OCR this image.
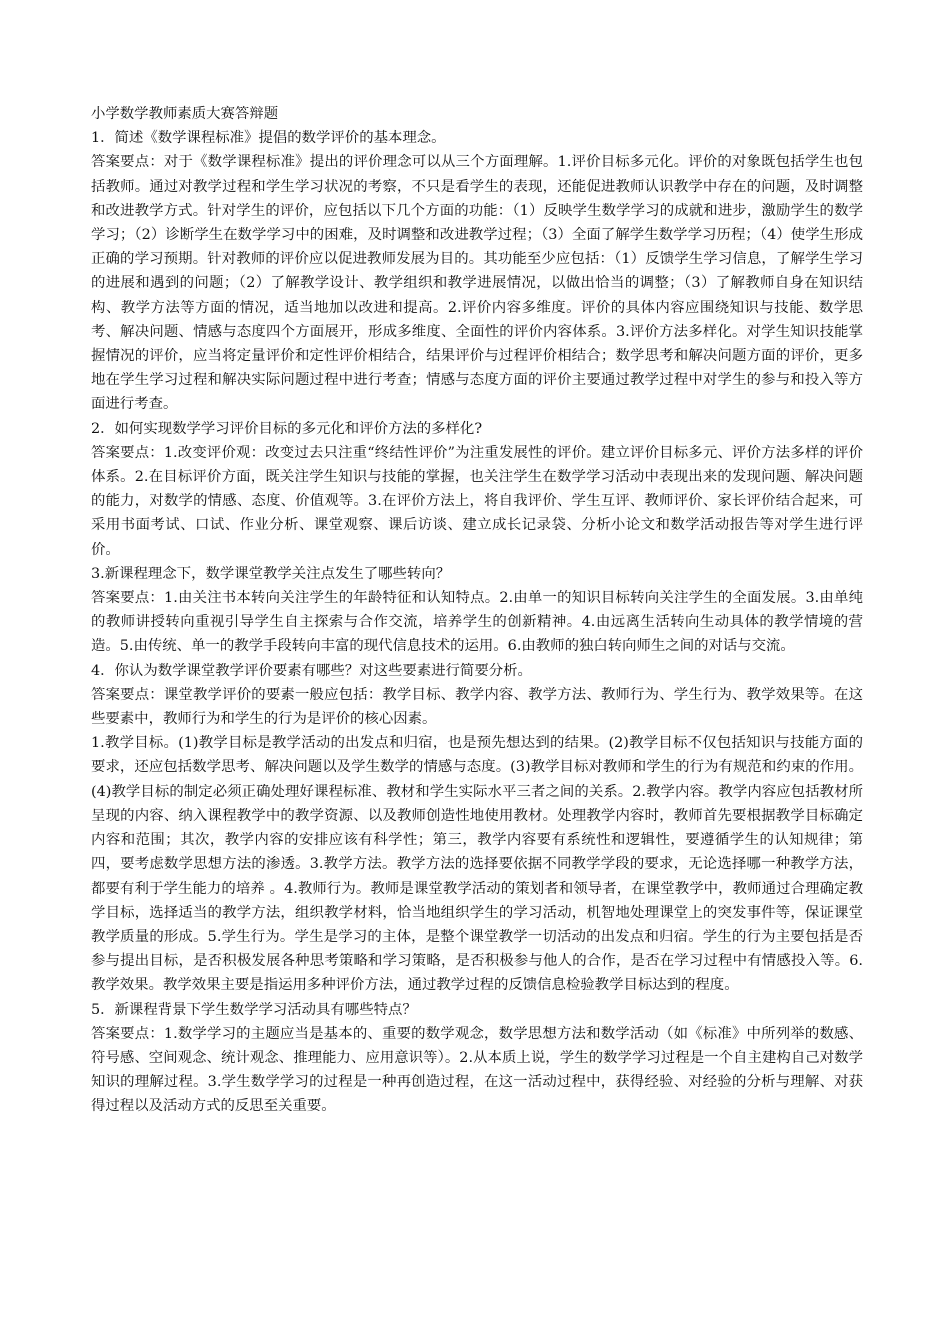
小学数学教师素质大赛答辩题

1．简述《数学课程标准》提倡的数学评价的基本理念。

答案要点：对于《数学课程标准》提出的评价理念可以从三个方面理解。1.评价目标多元化。评价的对象既包括学生也包括教师。通过对教学过程和学生学习状况的考察，不只是看学生的表现，还能促进教师认识教学中存在的问题，及时调整和改进教学方式。针对学生的评价，应包括以下几个方面的功能：（1）反映学生数学学习的成就和进步，激励学生的数学学习；（2）诊断学生在数学学习中的困难，及时调整和改进教学过程；（3）全面了解学生数学学习历程；（4）使学生形成正确的学习预期。针对教师的评价应以促进教师发展为目的。其功能至少应包括：（1）反馈学生学习信息，了解学生学习的进展和遇到的问题；（2）了解教学设计、教学组织和教学进展情况，以做出恰当的调整；（3）了解教师自身在知识结构、教学方法等方面的情况，适当地加以改进和提高。2.评价内容多维度。评价的具体内容应围绕知识与技能、数学思考、解决问题、情感与态度四个方面展开，形成多维度、全面性的评价内容体系。3.评价方法多样化。对学生知识技能掌握情况的评价，应当将定量评价和定性评价相结合，结果评价与过程评价相结合；数学思考和解决问题方面的评价，更多地在学生学习过程和解决实际问题过程中进行考查；情感与态度方面的评价主要通过教学过程中对学生的参与和投入等方面进行考查。

2．如何实现数学学习评价目标的多元化和评价方法的多样化?

答案要点：1.改变评价观：改变过去只注重“终结性评价”为注重发展性的评价。建立评价目标多元、评价方法多样的评价体系。2.在目标评价方面，既关注学生知识与技能的掌握，也关注学生在数学学习活动中表现出来的发现问题、解决问题的能力，对数学的情感、态度、价值观等。3.在评价方法上，将自我评价、学生互评、教师评价、家长评价结合起来，可采用书面考试、口试、作业分析、课堂观察、课后访谈、建立成长记录袋、分析小论文和数学活动报告等对学生进行评价。

3.新课程理念下，数学课堂教学关注点发生了哪些转向？

答案要点：1.由关注书本转向关注学生的年龄特征和认知特点。2.由单一的知识目标转向关注学生的全面发展。3.由单纯的教师讲授转向重视引导学生自主探索与合作交流，培养学生的创新精神。4.由远离生活转向生动具体的教学情境的营造。5.由传统、单一的教学手段转向丰富的现代信息技术的运用。6.由教师的独白转向师生之间的对话与交流。

4．你认为数学课堂教学评价要素有哪些？对这些要素进行简要分析。

答案要点：课堂教学评价的要素一般应包括：教学目标、教学内容、教学方法、教师行为、学生行为、教学效果等。在这些要素中，教师行为和学生的行为是评价的核心因素。

1.教学目标。(1)教学目标是教学活动的出发点和归宿，也是预先想达到的结果。(2)教学目标不仅包括知识与技能方面的要求，还应包括数学思考、解决问题以及学生数学的情感与态度。(3)教学目标对教师和学生的行为有规范和约束的作用。(4)教学目标的制定必须正确处理好课程标准、教材和学生实际水平三者之间的关系。2.教学内容。教学内容应包括教材所呈现的内容、纳入课程教学中的教学资源、以及教师创造性地使用教材。处理教学内容时，教师首先要根据教学目标确定内容和范围；其次，教学内容的安排应该有科学性；第三，教学内容要有系统性和逻辑性，要遵循学生的认知规律；第四，要考虑数学思想方法的渗透。3.教学方法。教学方法的选择要依据不同教学学段的要求，无论选择哪一种教学方法，都要有利于学生能力的培养 。4.教师行为。教师是课堂教学活动的策划者和领导者，在课堂教学中，教师通过合理确定教学目标，选择适当的教学方法，组织教学材料，恰当地组织学生的学习活动，机智地处理课堂上的突发事件等，保证课堂教学质量的形成。5.学生行为。学生是学习的主体，是整个课堂教学一切活动的出发点和归宿。学生的行为主要包括是否参与提出目标，是否积极发展各种思考策略和学习策略，是否积极参与他人的合作，是否在学习过程中有情感投入等。6.教学效果。教学效果主要是指运用多种评价方法，通过教学过程的反馈信息检验教学目标达到的程度。

5．新课程背景下学生数学学习活动具有哪些特点？

答案要点：1.数学学习的主题应当是基本的、重要的数学观念，数学思想方法和数学活动（如《标准》中所列举的数感、符号感、空间观念、统计观念、推理能力、应用意识等）。2.从本质上说，学生的数学学习过程是一个自主建构自己对数学知识的理解过程。3.学生数学学习的过程是一种再创造过程，在这一活动过程中，获得经验、对经验的分析与理解、对获得过程以及活动方式的反思至关重要。
